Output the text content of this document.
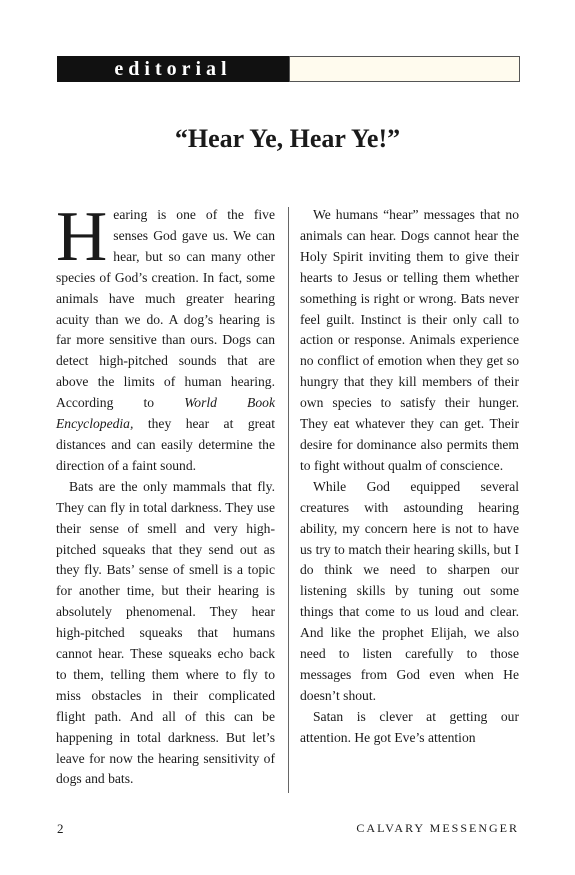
editorial
“Hear Ye, Hear Ye!”

Hearing is one of the five senses God gave us. We can hear, but so can many other species of God’s creation. In fact, some animals have much greater hearing acuity than we do. A dog’s hearing is far more sensitive than ours. Dogs can detect high-pitched sounds that are above the limits of human hearing. According to World Book Encyclopedia, they hear at great distances and can easily determine the direction of a faint sound.

Bats are the only mammals that fly. They can fly in total darkness. They use their sense of smell and very high-pitched squeaks that they send out as they fly. Bats’ sense of smell is a topic for another time, but their hearing is absolutely phenomenal. They hear high-pitched squeaks that humans cannot hear. These squeaks echo back to them, telling them where to fly to miss obstacles in their complicated flight path. And all of this can be happening in total darkness. But let’s leave for now the hearing sensitivity of dogs and bats.

We humans “hear” messages that no animals can hear. Dogs cannot hear the Holy Spirit inviting them to give their hearts to Jesus or telling them whether something is right or wrong. Bats never feel guilt. Instinct is their only call to action or response. Animals experience no conflict of emotion when they get so hungry that they kill members of their own species to satisfy their hunger. They eat whatever they can get. Their desire for dominance also permits them to fight without qualm of conscience.

While God equipped several creatures with astounding hearing ability, my concern here is not to have us try to match their hearing skills, but I do think we need to sharpen our listening skills by tuning out some things that come to us loud and clear. And like the prophet Elijah, we also need to listen carefully to those messages from God even when He doesn’t shout.

Satan is clever at getting our attention. He got Eve’s attention

2	CALVARY MESSENGER
